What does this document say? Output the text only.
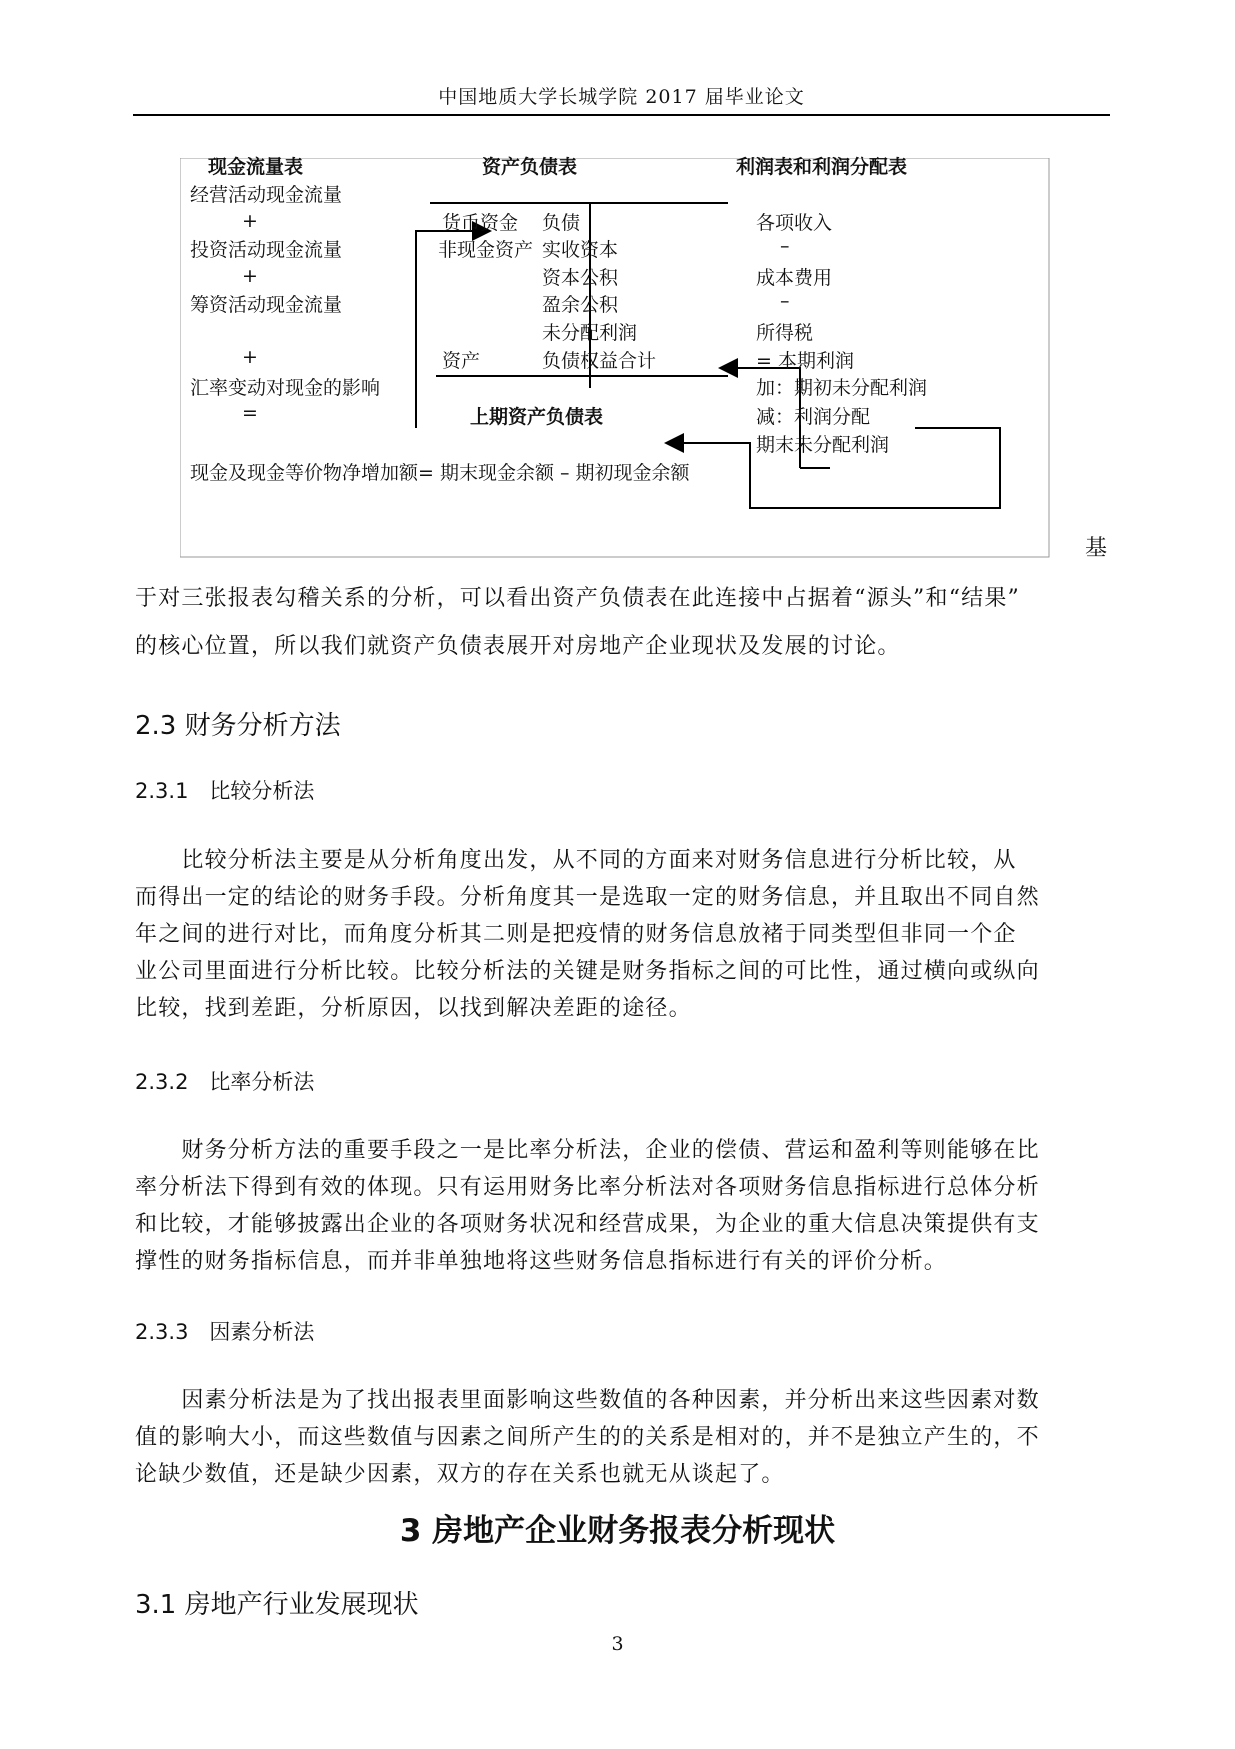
中国地质大学长城学院 2017 届毕业论文
现金流量表	资产负债表	利润表和利润分配表
经营活动现金流量
+
投资活动现金流量
+
筹资活动现金流量
+
汇率变动对现金的影响
=
货币资金
非现金资产
资产
负债
实收资本
资本公积
盈余公积
未分配利润
负债权益合计
上期资产负债表
各项收入
–
成本费用
–
所得税
= 本期利润
加：期初未分配利润
减：利润分配
期末未分配利润
现金及现金等价物净增加额= 期末现金余额 – 期初现金余额
基
于对三张报表勾稽关系的分析，可以看出资产负债表在此连接中占据着“源头”和“结果”
的核心位置，所以我们就资产负债表展开对房地产企业现状及发展的讨论。
2.3 财务分析方法
2.3.1　比较分析法
　　比较分析法主要是从分析角度出发，从不同的方面来对财务信息进行分析比较，从
而得出一定的结论的财务手段。分析角度其一是选取一定的财务信息，并且取出不同自然
年之间的进行对比，而角度分析其二则是把疫情的财务信息放褚于同类型但非同一个企
业公司里面进行分析比较。比较分析法的关键是财务指标之间的可比性，通过横向或纵向
比较，找到差距，分析原因，以找到解决差距的途径。
2.3.2　比率分析法
　　财务分析方法的重要手段之一是比率分析法，企业的偿债、营运和盈利等则能够在比
率分析法下得到有效的体现。只有运用财务比率分析法对各项财务信息指标进行总体分析
和比较，才能够披露出企业的各项财务状况和经营成果，为企业的重大信息决策提供有支
撑性的财务指标信息，而并非单独地将这些财务信息指标进行有关的评价分析。
2.3.3　因素分析法
　　因素分析法是为了找出报表里面影响这些数值的各种因素，并分析出来这些因素对数
值的影响大小，而这些数值与因素之间所产生的的关系是相对的，并不是独立产生的，不
论缺少数值，还是缺少因素，双方的存在关系也就无从谈起了。
3 房地产企业财务报表分析现状
3.1 房地产行业发展现状
3
